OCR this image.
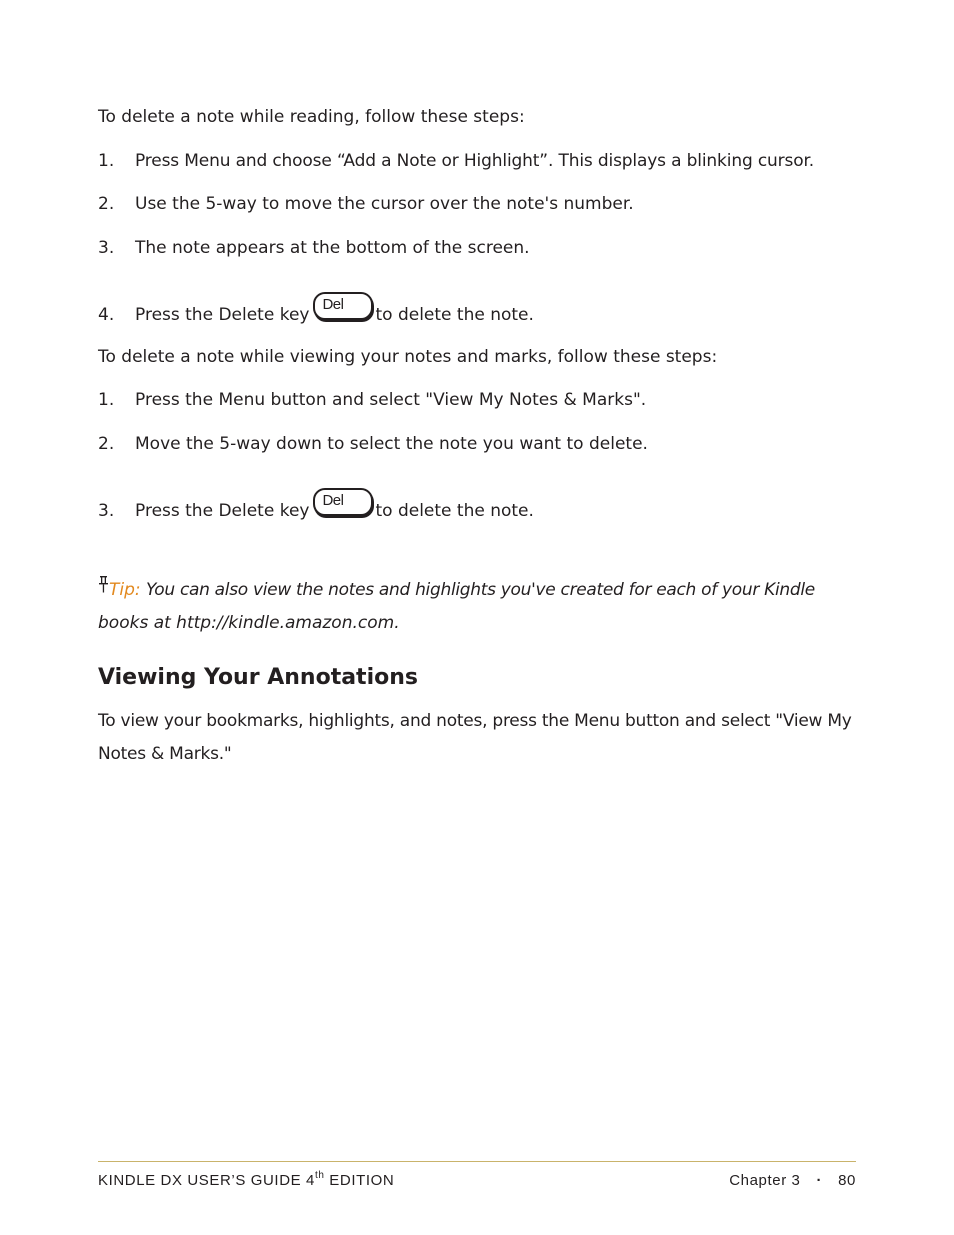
To delete a note while reading, follow these steps:

1. Press Menu and choose “Add a Note or Highlight”. This displays a blinking cursor.
2. Use the 5-way to move the cursor over the note's number.
3. The note appears at the bottom of the screen.
4. Press the Delete key
Del
to delete the note.

To delete a note while viewing your notes and marks, follow these steps:

1. Press the Menu button and select "View My Notes & Marks".
2. Move the 5-way down to select the note you want to delete.
3. Press the Delete key
Del
to delete the note.
Tip: You can also view the notes and highlights you've created for each of your Kindle
books at http://kindle.amazon.com.
Viewing Your Annotations

To view your bookmarks, highlights, and notes, press the Menu button and select "View My Notes & Marks."

KINDLE DX USER’S GUIDE 4th EDITION	Chapter 3 · 80
